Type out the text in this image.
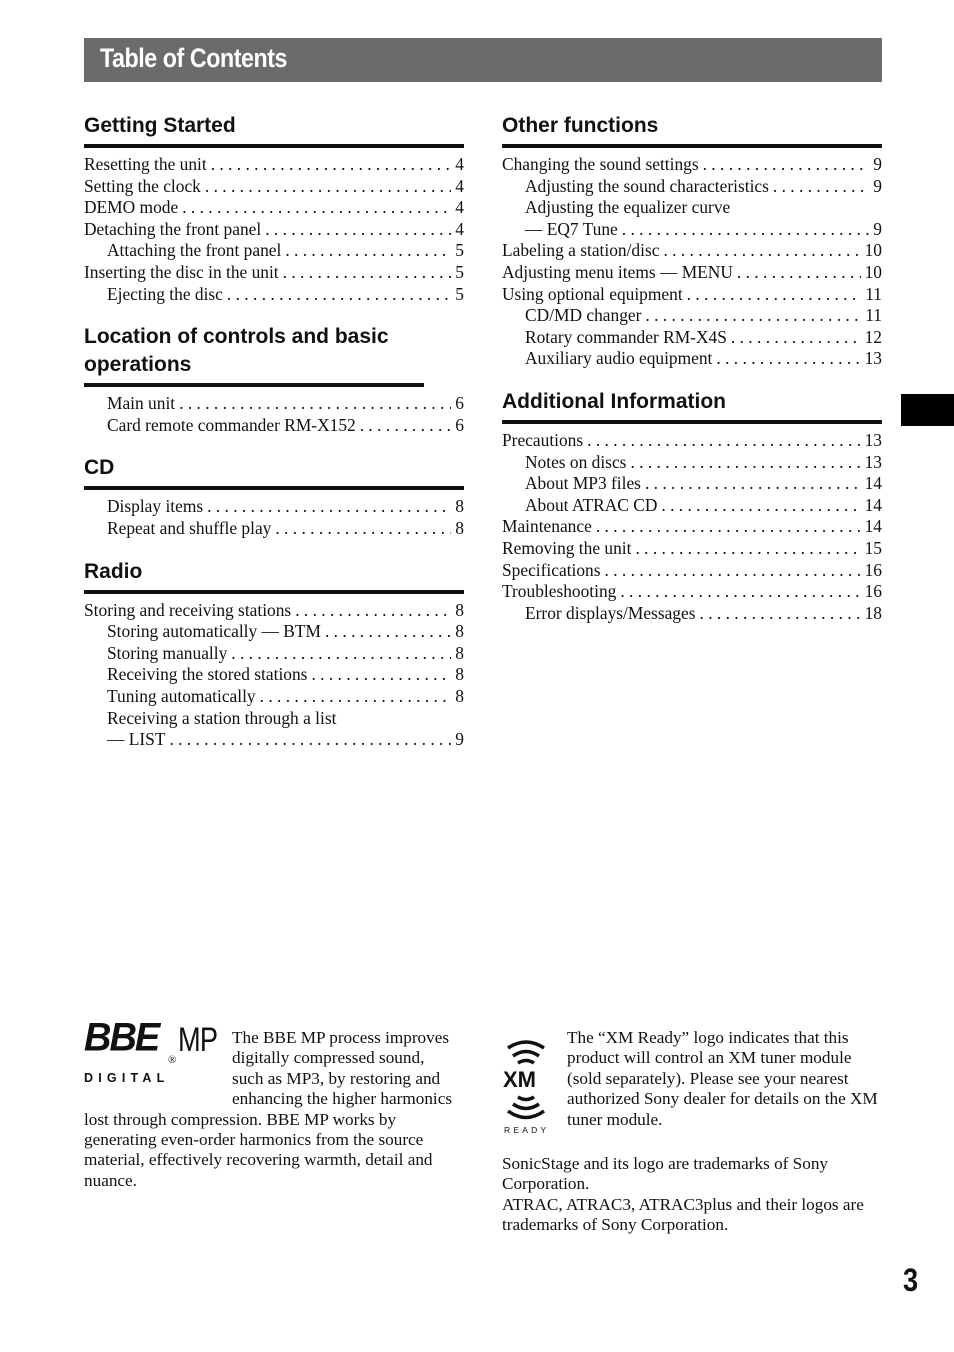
Table of Contents
Getting Started
Resetting the unit . . .	4
Setting the clock . . .	4
DEMO mode . . .	4
Detaching the front panel . . .	4
Attaching the front panel . . .	5
Inserting the disc in the unit . . .	5
Ejecting the disc . . .	5
Location of controls and basic operations
Main unit . . .	6
Card remote commander RM-X152 . . .	6
CD
Display items . . .	8
Repeat and shuffle play . . .	8
Radio
Storing and receiving stations . . .	8
Storing automatically — BTM . . .	8
Storing manually . . .	8
Receiving the stored stations . . .	8
Tuning automatically . . .	8
Receiving a station through a list
— LIST . . .	9
Other functions
Changing the sound settings . . .	9
Adjusting the sound characteristics . . .	9
Adjusting the equalizer curve
— EQ7 Tune . . .	9
Labeling a station/disc . . .	10
Adjusting menu items — MENU . . .	10
Using optional equipment . . .	11
CD/MD changer . . .	11
Rotary commander RM-X4S . . .	12
Auxiliary audio equipment . . .	13
Additional Information
Precautions . . .	13
Notes on discs . . .	13
About MP3 files . . .	14
About ATRAC CD . . .	14
Maintenance . . .	14
Removing the unit . . .	15
Specifications . . .	16
Troubleshooting . . .	16
Error displays/Messages . . .	18
BBE ®
MP
DIGITAL
The BBE MP process improves digitally compressed sound, such as MP3, by restoring and enhancing the higher harmonics lost through compression. BBE MP works by generating even-order harmonics from the source material, effectively recovering warmth, detail and nuance.
XM
READY
The “XM Ready” logo indicates that this product will control an XM tuner module (sold separately). Please see your nearest authorized Sony dealer for details on the XM tuner module.

SonicStage and its logo are trademarks of Sony Corporation.

ATRAC, ATRAC3, ATRAC3plus and their logos are trademarks of Sony Corporation.

3
